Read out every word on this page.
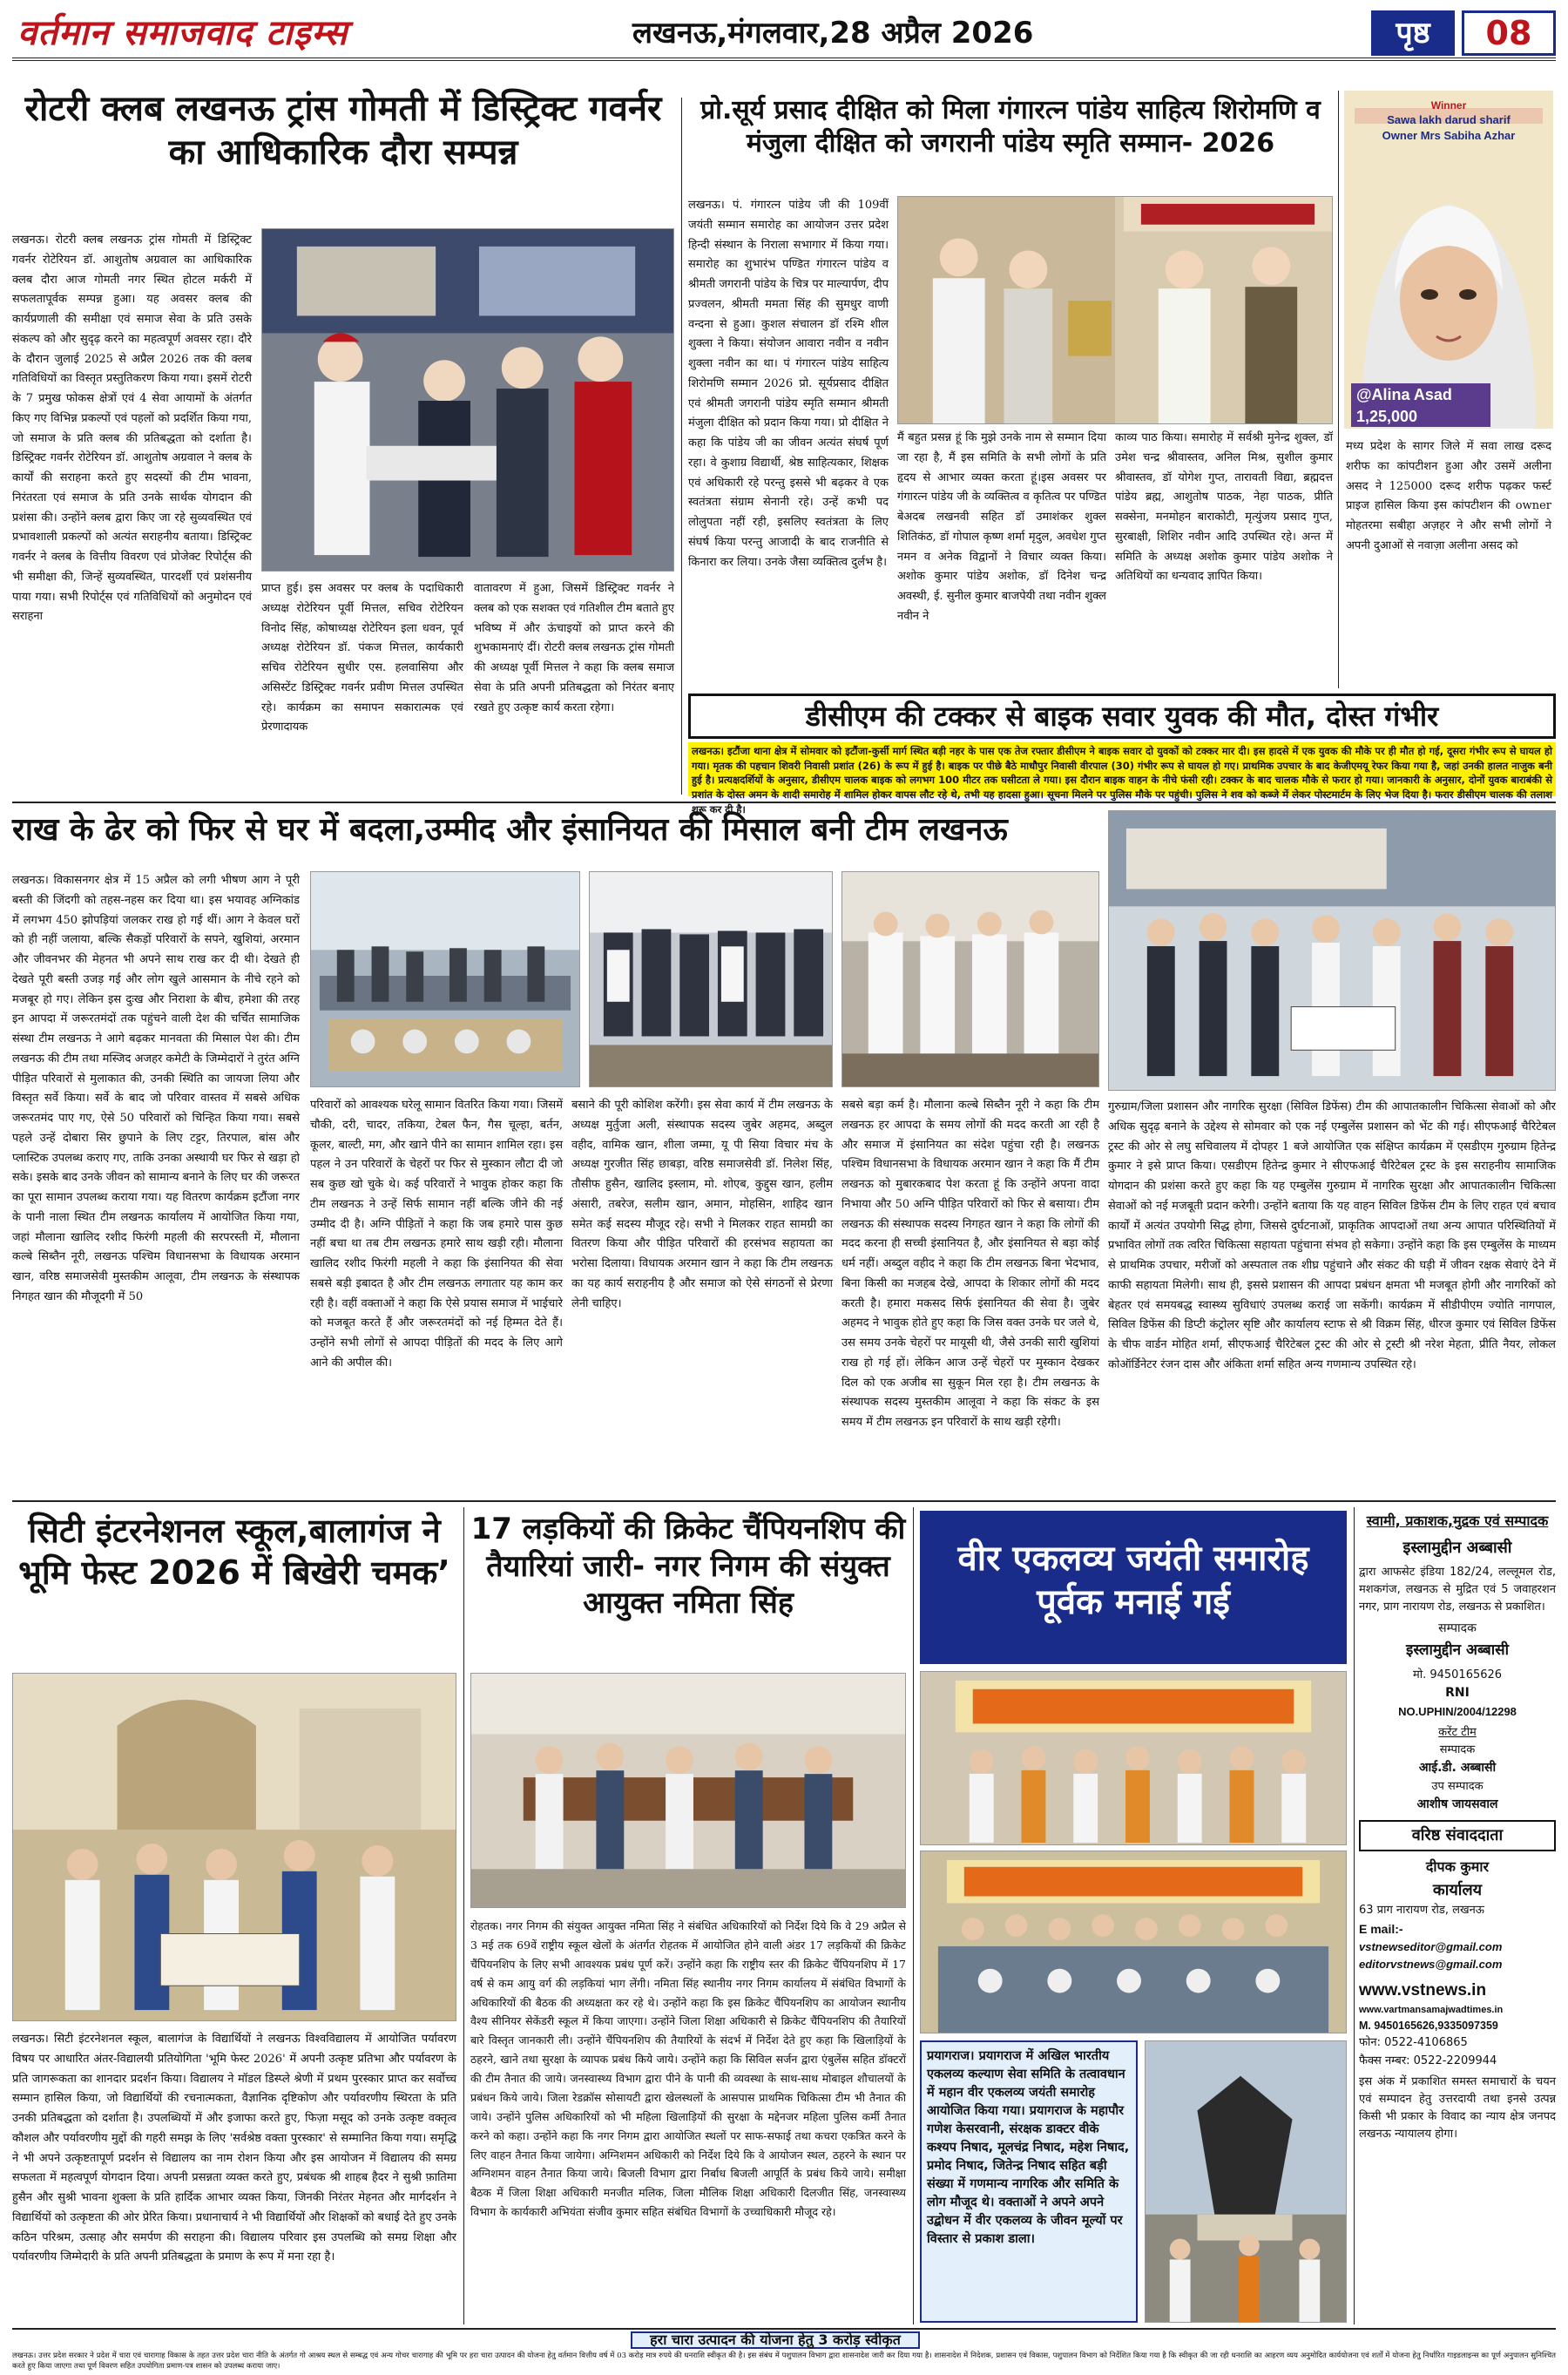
वर्तमान समाजवाद टाइम्स	लखनऊ,मंगलवार,28 अप्रैल 2026	पृष्ठ	08
रोटरी क्लब लखनऊ ट्रांस गोमती में डिस्ट्रिक्ट गवर्नर का आधिकारिक दौरा सम्पन्न
लखनऊ। रोटरी क्लब लखनऊ ट्रांस गोमती में डिस्ट्रिक्ट गवर्नर रोटेरियन डॉ. आशुतोष अग्रवाल का आधिकारिक क्लब दौरा आज गोमती नगर स्थित होटल मर्करी में सफलतापूर्वक सम्पन्न हुआ। यह अवसर क्लब की कार्यप्रणाली की समीक्षा एवं समाज सेवा के प्रति उसके संकल्प को और सुदृढ़ करने का महत्वपूर्ण अवसर रहा। दौरे के दौरान जुलाई 2025 से अप्रैल 2026 तक की क्लब गतिविधियों का विस्तृत प्रस्तुतिकरण किया गया। इसमें रोटरी के 7 प्रमुख फोकस क्षेत्रों एवं 4 सेवा आयामों के अंतर्गत किए गए विभिन्न प्रकल्पों एवं पहलों को प्रदर्शित किया गया, जो समाज के प्रति क्लब की प्रतिबद्धता को दर्शाता है। डिस्ट्रिक्ट गवर्नर रोटेरियन डॉ. आशुतोष अग्रवाल ने क्लब के कार्यों की सराहना करते हुए सदस्यों की टीम भावना, निरंतरता एवं समाज के प्रति उनके सार्थक योगदान की प्रशंसा की। उन्होंने क्लब द्वारा किए जा रहे सुव्यवस्थित एवं प्रभावशाली प्रकल्पों को अत्यंत सराहनीय बताया। डिस्ट्रिक्ट गवर्नर ने क्लब के वित्तीय विवरण एवं प्रोजेक्ट रिपोर्ट्स की भी समीक्षा की, जिन्हें सुव्यवस्थित, पारदर्शी एवं प्रशंसनीय पाया गया। सभी रिपोर्ट्स एवं गतिविधियों को अनुमोदन एवं सराहना
प्राप्त हुई। इस अवसर पर क्लब के पदाधिकारी अध्यक्ष रोटेरियन पूर्वी मित्तल, सचिव रोटेरियन विनोद सिंह, कोषाध्यक्ष रोटेरियन इला धवन, पूर्व अध्यक्ष रोटेरियन डॉ. पंकज मित्तल, कार्यकारी सचिव रोटेरियन सुधीर एस. हलवासिया और असिस्टेंट डिस्ट्रिक्ट गवर्नर प्रवीण मित्तल उपस्थित रहे। कार्यक्रम का समापन सकारात्मक एवं प्रेरणादायक
वातावरण में हुआ, जिसमें डिस्ट्रिक्ट गवर्नर ने क्लब को एक सशक्त एवं गतिशील टीम बताते हुए भविष्य में और ऊंचाइयों को प्राप्त करने की शुभकामनाएं दीं। रोटरी क्लब लखनऊ ट्रांस गोमती की अध्यक्ष पूर्वी मित्तल ने कहा कि क्लब समाज सेवा के प्रति अपनी प्रतिबद्धता को निरंतर बनाए रखते हुए उत्कृष्ट कार्य करता रहेगा।
प्रो.सूर्य प्रसाद दीक्षित को मिला गंगारत्न पांडेय साहित्य शिरोमणि व मंजुला दीक्षित को जगरानी पांडेय स्मृति सम्मान- 2026
लखनऊ। पं. गंगारत्न पांडेय जी की 109वीं जयंती सम्मान समारोह का आयोजन उत्तर प्रदेश हिन्दी संस्थान के निराला सभागार में किया गया। समारोह का शुभारंभ पण्डित गंगारत्न पांडेय व श्रीमती जगरानी पांडेय के चित्र पर माल्यार्पण, दीप प्रज्वलन, श्रीमती ममता सिंह की सुमधुर वाणी वन्दना से हुआ। कुशल संचालन डॉ रश्मि शील शुक्ला ने किया। संयोजन आवारा नवीन व नवीन शुक्ला नवीन का था। पं गंगारत्न पांडेय साहित्य शिरोमणि सम्मान 2026 प्रो. सूर्यप्रसाद दीक्षित एवं श्रीमती जगरानी पांडेय स्मृति सम्मान श्रीमती मंजुला दीक्षित को प्रदान किया गया। प्रो दीक्षित ने कहा कि पांडेय जी का जीवन अत्यंत संघर्ष पूर्ण रहा। वे कुशाग्र विद्यार्थी, श्रेष्ठ साहित्यकार, शिक्षक एवं अधिकारी रहे परन्तु इससे भी बढ़कर वे एक स्वतंत्रता संग्राम सेनानी रहे। उन्हें कभी पद लोलुपता नहीं रही, इसलिए स्वतंत्रता के लिए संघर्ष किया परन्तु आजादी के बाद राजनीति से किनारा कर लिया। उनके जैसा व्यक्तित्व दुर्लभ है।
मैं बहुत प्रसन्न हूं कि मुझे उनके नाम से सम्मान दिया जा रहा है, मैं इस समिति के सभी लोगों के प्रति हृदय से आभार व्यक्त करता हूं।इस अवसर पर गंगारत्न पांडेय जी के व्यक्तित्व व कृतित्व पर पण्डित बेअदब लखनवी सहित डॉ उमाशंकर शुक्ल शितिकंठ, डॉ गोपाल कृष्ण शर्मा मृदुल, अवधेश गुप्त नमन व अनेक विद्वानों ने विचार व्यक्त किया। अशोक कुमार पांडेय अशोक, डॉ दिनेश चन्द्र अवस्थी, ई. सुनील कुमार बाजपेयी तथा नवीन शुक्ल नवीन ने
काव्य पाठ किया। समारोह में सर्वश्री मुनेन्द्र शुक्ल, डॉ उमेश चन्द्र श्रीवास्तव, अनिल मिश्र, सुशील कुमार श्रीवास्तव, डॉ योगेश गुप्त, तारावती विद्या, ब्रह्मदत्त पांडेय ब्रह्म, आशुतोष पाठक, नेहा पाठक, प्रीति सक्सेना, मनमोहन बाराकोटी, मृत्युंजय प्रसाद गुप्त, सुरबाक्षी, शिशिर नवीन आदि उपस्थित रहे। अन्त में समिति के अध्यक्ष अशोक कुमार पांडेय अशोक ने अतिथियों का धन्यवाद ज्ञापित किया।
Winner
Sawa lakh darud sharif
Owner Mrs Sabiha Azhar
@Alina Asad
1,25,000
मध्य प्रदेश के सागर जिले में सवा लाख दरूद शरीफ का कांपटीशन हुआ और उसमें अलीना असद ने 125000 दरूद शरीफ पढ़कर फर्स्ट प्राइज हासिल किया इस कांपटीशन की owner मोहतरमा सबीहा अज़हर ने और सभी लोगों ने अपनी दुआओं से नवाज़ा अलीना असद को
डीसीएम की टक्कर से बाइक सवार युवक की मौत, दोस्त गंभीर
लखनऊ। इटौंजा थाना क्षेत्र में सोमवार को इटौंजा-कुर्सी मार्ग स्थित बड़ी नहर के पास एक तेज रफ्तार डीसीएम ने बाइक सवार दो युवकों को टक्कर मार दी। इस हादसे में एक युवक की मौके पर ही मौत हो गई, दूसरा गंभीर रूप से घायल हो गया। मृतक की पहचान शिवरी निवासी प्रशांत (26) के रूप में हुई है। बाइक पर पीछे बैठे माधौपुर निवासी वीरपाल (30) गंभीर रूप से घायल हो गए। प्राथमिक उपचार के बाद केजीएमयू रेफर किया गया है, जहां उनकी हालत नाजुक बनी हुई है। प्रत्यक्षदर्शियों के अनुसार, डीसीएम चालक बाइक को लगभग 100 मीटर तक घसीटता ले गया। इस दौरान बाइक वाहन के नीचे फंसी रही। टक्कर के बाद चालक मौके से फरार हो गया। जानकारी के अनुसार, दोनों युवक बाराबंकी से प्रशांत के दोस्त अमन के शादी समारोह में शामिल होकर वापस लौट रहे थे, तभी यह हादसा हुआ। सूचना मिलने पर पुलिस मौके पर पहुंची। पुलिस ने शव को कब्जे में लेकर पोस्टमार्टम के लिए भेज दिया है। फरार डीसीएम चालक की तलाश शुरू कर दी है।
राख के ढेर को फिर से घर में बदला,उम्मीद और इंसानियत की मिसाल बनी टीम लखनऊ
लखनऊ। विकासनगर क्षेत्र में 15 अप्रैल को लगी भीषण आग ने पूरी बस्ती की जिंदगी को तहस-नहस कर दिया था। इस भयावह अग्निकांड में लगभग 450 झोपड़ियां जलकर राख हो गई थीं। आग ने केवल घरों को ही नहीं जलाया, बल्कि सैकड़ों परिवारों के सपने, खुशियां, अरमान और जीवनभर की मेहनत भी अपने साथ राख कर दी थी। देखते ही देखते पूरी बस्ती उजड़ गई और लोग खुले आसमान के नीचे रहने को मजबूर हो गए। लेकिन इस दुःख और निराशा के बीच, हमेशा की तरह इन आपदा में जरूरतमंदों तक पहुंचने वाली देश की चर्चित सामाजिक संस्था टीम लखनऊ ने आगे बढ़कर मानवता की मिसाल पेश की। टीम लखनऊ की टीम तथा मस्जिद अजहर कमेटी के जिम्मेदारों ने तुरंत अग्नि पीड़ित परिवारों से मुलाकात की, उनकी स्थिति का जायजा लिया और विस्तृत सर्वे किया। सर्वे के बाद जो परिवार वास्तव में सबसे अधिक जरूरतमंद पाए गए, ऐसे 50 परिवारों को चिन्हित किया गया। सबसे पहले उन्हें दोबारा सिर छुपाने के लिए टट्टर, तिरपाल, बांस और प्लास्टिक उपलब्ध कराए गए, ताकि उनका अस्थायी घर फिर से खड़ा हो सके। इसके बाद उनके जीवन को सामान्य बनाने के लिए घर की जरूरत का पूरा सामान उपलब्ध कराया गया। यह वितरण कार्यक्रम इटौंजा नगर के पानी नाला स्थित टीम लखनऊ कार्यालय में आयोजित किया गया, जहां मौलाना खालिद रशीद फिरंगी महली की सरपरस्ती में, मौलाना कल्बे सिब्तैन नूरी, लखनऊ पश्चिम विधानसभा के विधायक अरमान खान, वरिष्ठ समाजसेवी मुस्तकीम आलूवा, टीम लखनऊ के संस्थापक निगहत खान की मौजूदगी में 50
परिवारों को आवश्यक घरेलू सामान वितरित किया गया। जिसमें चौकी, दरी, चादर, तकिया, टेबल फैन, गैस चूल्हा, बर्तन, कूलर, बाल्टी, मग, और खाने पीने का सामान शामिल रहा। इस पहल ने उन परिवारों के चेहरों पर फिर से मुस्कान लौटा दी जो सब कुछ खो चुके थे। कई परिवारों ने भावुक होकर कहा कि टीम लखनऊ ने उन्हें सिर्फ सामान नहीं बल्कि जीने की नई उम्मीद दी है। अग्नि पीड़ितों ने कहा कि जब हमारे पास कुछ नहीं बचा था तब टीम लखनऊ हमारे साथ खड़ी रही। मौलाना खालिद रशीद फिरंगी महली ने कहा कि इंसानियत की सेवा सबसे बड़ी इबादत है और टीम लखनऊ लगातार यह काम कर रही है। वहीं वक्ताओं ने कहा कि ऐसे प्रयास समाज में भाईचारे को मजबूत करते हैं और जरूरतमंदों को नई हिम्मत देते हैं। उन्होंने सभी लोगों से आपदा पीड़ितों की मदद के लिए आगे आने की अपील की।
बसाने की पूरी कोशिश करेंगी। इस सेवा कार्य में टीम लखनऊ के अध्यक्ष मुर्तुजा अली, संस्थापक सदस्य जुबेर अहमद, अब्दुल वहीद, वामिक खान, शीला जम्मा, यू पी सिया विचार मंच के अध्यक्ष गुरजीत सिंह छाबड़ा, वरिष्ठ समाजसेवी डॉ. निलेश सिंह, तौसीफ हुसैन, खालिद इस्लाम, मो. शोएब, कुद्दुस खान, हलीम अंसारी, तबरेज, सलीम खान, अमान, मोहसिन, शाहिद खान समेत कई सदस्य मौजूद रहे। सभी ने मिलकर राहत सामग्री का वितरण किया और पीड़ित परिवारों की हरसंभव सहायता का भरोसा दिलाया। विधायक अरमान खान ने कहा कि टीम लखनऊ का यह कार्य सराहनीय है और समाज को ऐसे संगठनों से प्रेरणा लेनी चाहिए।
सबसे बड़ा कर्म है। मौलाना कल्बे सिब्तैन नूरी ने कहा कि टीम लखनऊ हर आपदा के समय लोगों की मदद करती आ रही है और समाज में इंसानियत का संदेश पहुंचा रही है। लखनऊ पश्चिम विधानसभा के विधायक अरमान खान ने कहा कि मैं टीम लखनऊ को मुबारकबाद पेश करता हूं कि उन्होंने अपना वादा निभाया और 50 अग्नि पीड़ित परिवारों को फिर से बसाया। टीम लखनऊ की संस्थापक सदस्य निगहत खान ने कहा कि लोगों की मदद करना ही सच्ची इंसानियत है, और इंसानियत से बड़ा कोई धर्म नहीं। अब्दुल वहीद ने कहा कि टीम लखनऊ बिना भेदभाव, बिना किसी का मजहब देखे, आपदा के शिकार लोगों की मदद करती है। हमारा मकसद सिर्फ इंसानियत की सेवा है। जुबेर अहमद ने भावुक होते हुए कहा कि जिस वक्त उनके घर जले थे, उस समय उनके चेहरों पर मायूसी थी, जैसे उनकी सारी खुशियां राख हो गई हों। लेकिन आज उन्हें चेहरों पर मुस्कान देखकर दिल को एक अजीब सा सुकून मिल रहा है। टीम लखनऊ के संस्थापक सदस्य मुस्तकीम आलूवा ने कहा कि संकट के इस समय में टीम लखनऊ इन परिवारों के साथ खड़ी रहेगी।
गुरुग्राम/जिला प्रशासन और नागरिक सुरक्षा (सिविल डिफेंस) टीम की आपातकालीन चिकित्सा सेवाओं को और अधिक सुदृढ़ बनाने के उद्देश्य से सोमवार को एक नई एम्बुलेंस प्रशासन को भेंट की गई। सीएफआई चैरिटेबल ट्रस्ट की ओर से लघु सचिवालय में दोपहर 1 बजे आयोजित एक संक्षिप्त कार्यक्रम में एसडीएम गुरुग्राम हितेन्द्र कुमार ने इसे प्राप्त किया। एसडीएम हितेन्द्र कुमार ने सीएफआई चैरिटेबल ट्रस्ट के इस सराहनीय सामाजिक योगदान की प्रशंसा करते हुए कहा कि यह एम्बुलेंस गुरुग्राम में नागरिक सुरक्षा और आपातकालीन चिकित्सा सेवाओं को नई मजबूती प्रदान करेगी। उन्होंने बताया कि यह वाहन सिविल डिफेंस टीम के लिए राहत एवं बचाव कार्यों में अत्यंत उपयोगी सिद्ध होगा, जिससे दुर्घटनाओं, प्राकृतिक आपदाओं तथा अन्य आपात परिस्थितियों में प्रभावित लोगों तक त्वरित चिकित्सा सहायता पहुंचाना संभव हो सकेगा। उन्होंने कहा कि इस एम्बुलेंस के माध्यम से प्राथमिक उपचार, मरीजों को अस्पताल तक शीघ्र पहुंचाने और संकट की घड़ी में जीवन रक्षक सेवाएं देने में काफी सहायता मिलेगी। साथ ही, इससे प्रशासन की आपदा प्रबंधन क्षमता भी मजबूत होगी और नागरिकों को बेहतर एवं समयबद्ध स्वास्थ्य सुविधाएं उपलब्ध कराई जा सकेंगी। कार्यक्रम में सीडीपीएम ज्योति नागपाल, सिविल डिफेंस की डिप्टी कंट्रोलर सृष्टि और कार्यालय स्टाफ से श्री विक्रम सिंह, धीरज कुमार एवं सिविल डिफेंस के चीफ वार्डन मोहित शर्मा, सीएफआई चैरिटेबल ट्रस्ट की ओर से ट्रस्टी श्री नरेश मेहता, प्रीति नैयर, लोकल कोऑर्डिनेटर रंजन दास और अंकिता शर्मा सहित अन्य गणमान्य उपस्थित रहे।
सिटी इंटरनेशनल स्कूल,बालागंज ने भूमि फेस्ट 2026 में बिखेरी चमक’
लखनऊ। सिटी इंटरनेशनल स्कूल, बालागंज के विद्यार्थियों ने लखनऊ विश्वविद्यालय में आयोजित पर्यावरण विषय पर आधारित अंतर-विद्यालयी प्रतियोगिता 'भूमि फेस्ट 2026' में अपनी उत्कृष्ट प्रतिभा और पर्यावरण के प्रति जागरूकता का शानदार प्रदर्शन किया। विद्यालय ने मॉडल डिस्प्ले श्रेणी में प्रथम पुरस्कार प्राप्त कर सर्वोच्च सम्मान हासिल किया, जो विद्यार्थियों की रचनात्मकता, वैज्ञानिक दृष्टिकोण और पर्यावरणीय स्थिरता के प्रति उनकी प्रतिबद्धता को दर्शाता है। उपलब्धियों में और इजाफा करते हुए, फिज़ा मसूद को उनके उत्कृष्ट वक्तृत्व कौशल और पर्यावरणीय मुद्दों की गहरी समझ के लिए 'सर्वश्रेष्ठ वक्ता पुरस्कार' से सम्मानित किया गया। समृद्धि ने भी अपने उत्कृष्टतापूर्ण प्रदर्शन से विद्यालय का नाम रोशन किया और इस आयोजन में विद्यालय की समग्र सफलता में महत्वपूर्ण योगदान दिया। अपनी प्रसन्नता व्यक्त करते हुए, प्रबंधक श्री शाहब हैदर ने सुश्री फ़ातिमा हुसैन और सुश्री भावना शुक्ला के प्रति हार्दिक आभार व्यक्त किया, जिनकी निरंतर मेहनत और मार्गदर्शन ने विद्यार्थियों को उत्कृष्टता की ओर प्रेरित किया। प्रधानाचार्य ने भी विद्यार्थियों और शिक्षकों को बधाई देते हुए उनके कठिन परिश्रम, उत्साह और समर्पण की सराहना की। विद्यालय परिवार इस उपलब्धि को समग्र शिक्षा और पर्यावरणीय जिम्मेदारी के प्रति अपनी प्रतिबद्धता के प्रमाण के रूप में मना रहा है।
17 लड़कियों की क्रिकेट चैंपियनशिप की तैयारियां जारी- नगर निगम की संयुक्त आयुक्त नमिता सिंह
रोहतक। नगर निगम की संयुक्त आयुक्त नमिता सिंह ने संबंधित अधिकारियों को निर्देश दिये कि वे 29 अप्रैल से 3 मई तक 69वें राष्ट्रीय स्कूल खेलों के अंतर्गत रोहतक में आयोजित होने वाली अंडर 17 लड़कियों की क्रिकेट चैंपियनशिप के लिए सभी आवश्यक प्रबंध पूर्ण करें। उन्होंने कहा कि राष्ट्रीय स्तर की क्रिकेट चैंपियनशिप में 17 वर्ष से कम आयु वर्ग की लड़कियां भाग लेंगी। नमिता सिंह स्थानीय नगर निगम कार्यालय में संबंधित विभागों के अधिकारियों की बैठक की अध्यक्षता कर रहे थे। उन्होंने कहा कि इस क्रिकेट चैंपियनशिप का आयोजन स्थानीय वैश्य सीनियर सेकेंडरी स्कूल में किया जाएगा। उन्होंने जिला शिक्षा अधिकारी से क्रिकेट चैंपियनशिप की तैयारियों बारे विस्तृत जानकारी ली। उन्होंने चैंपियनशिप की तैयारियों के संदर्भ में निर्देश देते हुए कहा कि खिलाड़ियों के ठहरने, खाने तथा सुरक्षा के व्यापक प्रबंध किये जाये। उन्होंने कहा कि सिविल सर्जन द्वारा एंबुलेंस सहित डॉक्टरों की टीम तैनात की जाये। जनस्वास्थ्य विभाग द्वारा पीने के पानी की व्यवस्था के साथ-साथ मोबाइल शौचालयों के प्रबंधन किये जाये। जिला रेडक्रॉस सोसायटी द्वारा खेलस्थलों के आसपास प्राथमिक चिकित्सा टीम भी तैनात की जाये। उन्होंने पुलिस अधिकारियों को भी महिला खिलाड़ियों की सुरक्षा के मद्देनजर महिला पुलिस कर्मी तैनात करने को कहा। उन्होंने कहा कि नगर निगम द्वारा आयोजित स्थलों पर साफ-सफाई तथा कचरा एकत्रित करने के लिए वाहन तैनात किया जायेगा। अग्निशमन अधिकारी को निर्देश दिये कि वे आयोजन स्थल, ठहरने के स्थान पर अग्निशमन वाहन तैनात किया जाये। बिजली विभाग द्वारा निर्बाध बिजली आपूर्ति के प्रबंध किये जाये। समीक्षा बैठक में जिला शिक्षा अधिकारी मनजीत मलिक, जिला मौलिक शिक्षा अधिकारी दिलजीत सिंह, जनस्वास्थ्य विभाग के कार्यकारी अभियंता संजीव कुमार सहित संबंधित विभागों के उच्चाधिकारी मौजूद रहे।
वीर एकलव्य जयंती समारोह पूर्वक मनाई गई
प्रयागराज। प्रयागराज में अखिल भारतीय एकलव्य कल्याण सेवा समिति के तत्वावधान में महान वीर एकलव्य जयंती समारोह आयोजित किया गया। प्रयागराज के महापौर गणेश केसरवानी, संरक्षक डाक्टर वीके कश्यप निषाद, मूलचंद्र निषाद, महेश निषाद, प्रमोद निषाद, जितेन्द्र निषाद सहित बड़ी संख्या में गणमान्य नागरिक और समिति के लोग मौजूद थे। वक्ताओं ने अपने अपने उद्बोधन में वीर एकलव्य के जीवन मूल्यों पर विस्तार से प्रकाश डाला।

स्वामी, प्रकाशक,मुद्रक एवं सम्पादक

इस्लामुद्दीन अब्बासी

द्वारा आफसेट इंडिया 182/24, लल्लूमल रोड, मशकगंज, लखनऊ से मुद्रित एवं 5 जवाहरशन नगर, प्राग नारायण रोड, लखनऊ से प्रकाशित।

सम्पादक

इस्लामुद्दीन अब्बासी

मो. 9450165626

RNI

NO.UPHIN/2004/12298

करेंट टीम

सम्पादक

आई.डी. अब्बासी

उप सम्पादक

आशीष जायसवाल

वरिष्ठ संवाददाता

दीपक कुमार

कार्यालय

63 प्राग नारायण रोड, लखनऊ

E mail:-

vstnewseditor@gmail.com

editorvstnews@gmail.com

www.vstnews.in

www.vartmansamajwadtimes.in

M. 9450165626,9335097359

फोन: 0522-4106865

फैक्स नम्बर: 0522-2209944

इस अंक में प्रकाशित समस्त समाचारों के चयन एवं सम्पादन हेतु उत्तरदायी तथा इनसे उत्पन्न किसी भी प्रकार के विवाद का न्याय क्षेत्र जनपद लखनऊ न्यायालय होगा।

हरा चारा उत्पादन की योजना हेतु 3 करोड़ स्वीकृत
लखनऊ। उत्तर प्रदेश सरकार ने प्रदेश में चारा एवं चारागाह विकास के तहत उत्तर प्रदेश चारा नीति के अंतर्गत गो आश्रय स्थल से सम्बद्ध एवं अन्य गोचर चारागाह की भूमि पर हरा चारा उत्पादन की योजना हेतु वर्तमान वित्तीय वर्ष में 03 करोड़ मात्र रुपये की धनराशि स्वीकृत की है। इस संबंध में पशुपालन विभाग द्वारा शासनादेश जारी कर दिया गया है। शासनादेश में निदेशक, प्रशासन एवं विकास, पशुपालन विभाग को निर्देशित किया गया है कि स्वीकृत की जा रही धनराशि का आहरण व्यय अनुमोदित कार्ययोजना एवं शर्तों में योजना हेतु निर्धारित गाइडलाइन्स का पूर्ण अनुपालन सुनिश्चित करते हुए किया जाएगा तथा पूर्ण विवरण सहित उपयोगिता प्रमाण-पत्र शासन को उपलब्ध कराया जाए।
